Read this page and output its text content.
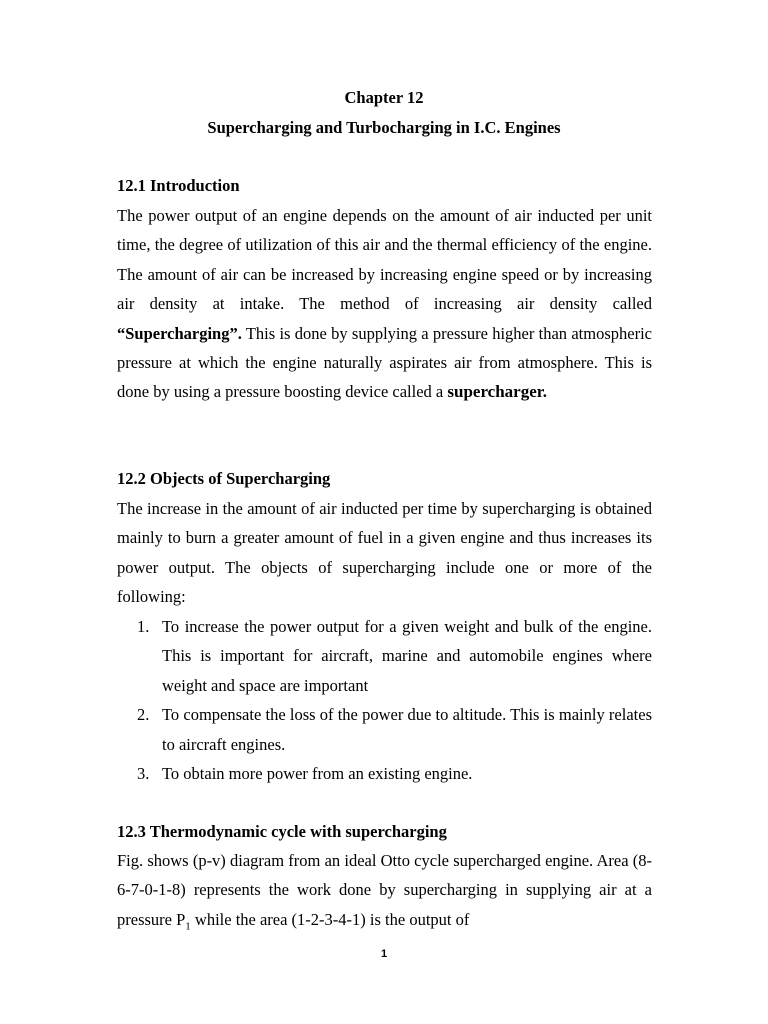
Chapter 12
Supercharging and Turbocharging in I.C. Engines
12.1 Introduction

The power output of an engine depends on the amount of air inducted per unit time, the degree of utilization of this air and the thermal efficiency of the engine. The amount of air can be increased by increasing engine speed or by increasing air density at intake. The method of increasing air density called “Supercharging”. This is done by supplying a pressure higher than atmospheric pressure at which the engine naturally aspirates air from atmosphere. This is done by using a pressure boosting device called a supercharger.

12.2 Objects of Supercharging

The increase in the amount of air inducted per time by supercharging is obtained mainly to burn a greater amount of fuel in a given engine and thus increases its power output. The objects of supercharging include one or more of the following:

1. To increase the power output for a given weight and bulk of the engine. This is important for aircraft, marine and automobile engines where weight and space are important
2. To compensate the loss of the power due to altitude. This is mainly relates to aircraft engines.
3. To obtain more power from an existing engine.
12.3 Thermodynamic cycle with supercharging

Fig. shows (p-v) diagram from an ideal Otto cycle supercharged engine. Area (8-6-7-0-1-8) represents the work done by supercharging in supplying air at a pressure $P_1$ while the area (1-2-3-4-1) is the output of

1
